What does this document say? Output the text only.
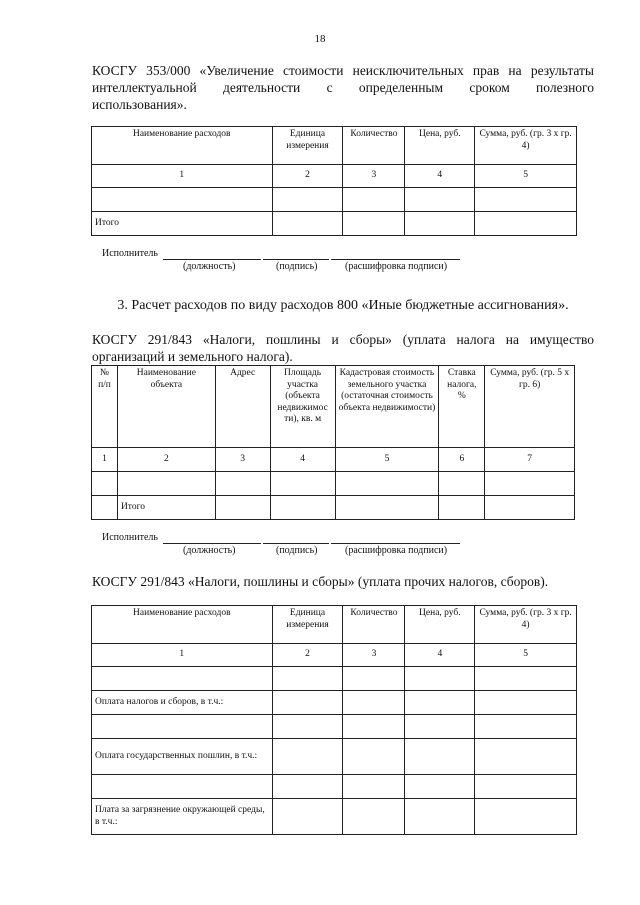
18
КОСГУ 353/000 «Увеличение стоимости неисключительных прав на результаты
интеллектуальной деятельности с определенным сроком полезного
использования».
Наименование расходов	Единица измерения	Количество	Цена, руб.	Сумма, руб. (гр. 3 х гр. 4)
1	2	3	4	5

Итого				
Исполнитель
(должность)	(подпись)	(расшифровка подписи)
3. Расчет расходов по виду расходов 800 «Иные бюджетные ассигнования».
КОСГУ 291/843 «Налоги, пошлины и сборы» (уплата налога на имущество
организаций и земельного налога).
№ п/п	Наименование объекта	Адрес	Площадь участка (объекта недвижимос ти), кв. м	Кадастровая стоимость земельного участка (остаточная стоимость объекта недвижимости)	Ставка налога, %	Сумма, руб. (гр. 5 х гр. 6)
1	2	3	4	5	6	7

	Итого					
Исполнитель
(должность)	(подпись)	(расшифровка подписи)
КОСГУ 291/843 «Налоги, пошлины и сборы» (уплата прочих налогов, сборов).
Наименование расходов	Единица измерения	Количество	Цена, руб.	Сумма, руб. (гр. 3 х гр. 4)
1	2	3	4	5

Оплата налогов и сборов, в т.ч.:				

Оплата государственных пошлин, в т.ч.:				

Плата за загрязнение окружающей среды, в т.ч.:				
